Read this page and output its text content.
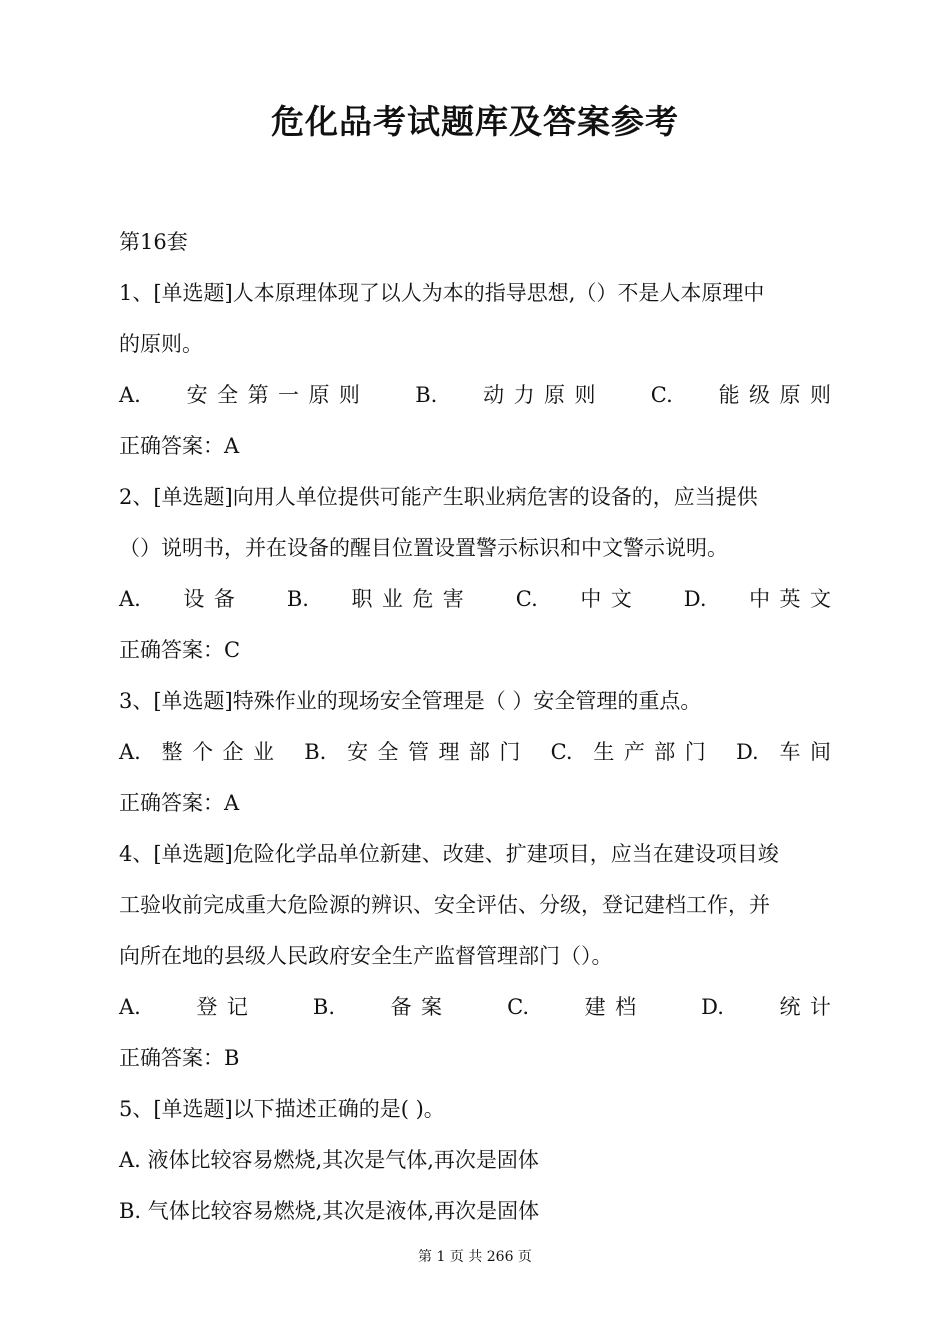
危化品考试题库及答案参考
第16套
1、[单选题]人本原理体现了以人为本的指导思想,（）不是人本原理中
的原则。
A. 安全第一原则 B. 动力原则 C. 能级原则
正确答案：A
2、[单选题]向用人单位提供可能产生职业病危害的设备的，应当提供
（）说明书，并在设备的醒目位置设置警示标识和中文警示说明。
A. 设备 B. 职业危害 C. 中文 D. 中英文
正确答案：C
3、[单选题]特殊作业的现场安全管理是（ ）安全管理的重点。
A. 整个企业 B. 安全管理部门 C. 生产部门 D. 车间
正确答案：A
4、[单选题]危险化学品单位新建、改建、扩建项目，应当在建设项目竣
工验收前完成重大危险源的辨识、安全评估、分级，登记建档工作，并
向所在地的县级人民政府安全生产监督管理部门（）。
A.	登记	B.	备案	C.	建档	D.	统计
正确答案：B
5、[单选题]以下描述正确的是( )。
A. 液体比较容易燃烧,其次是气体,再次是固体
B. 气体比较容易燃烧,其次是液体,再次是固体
第 1 页 共 266 页
